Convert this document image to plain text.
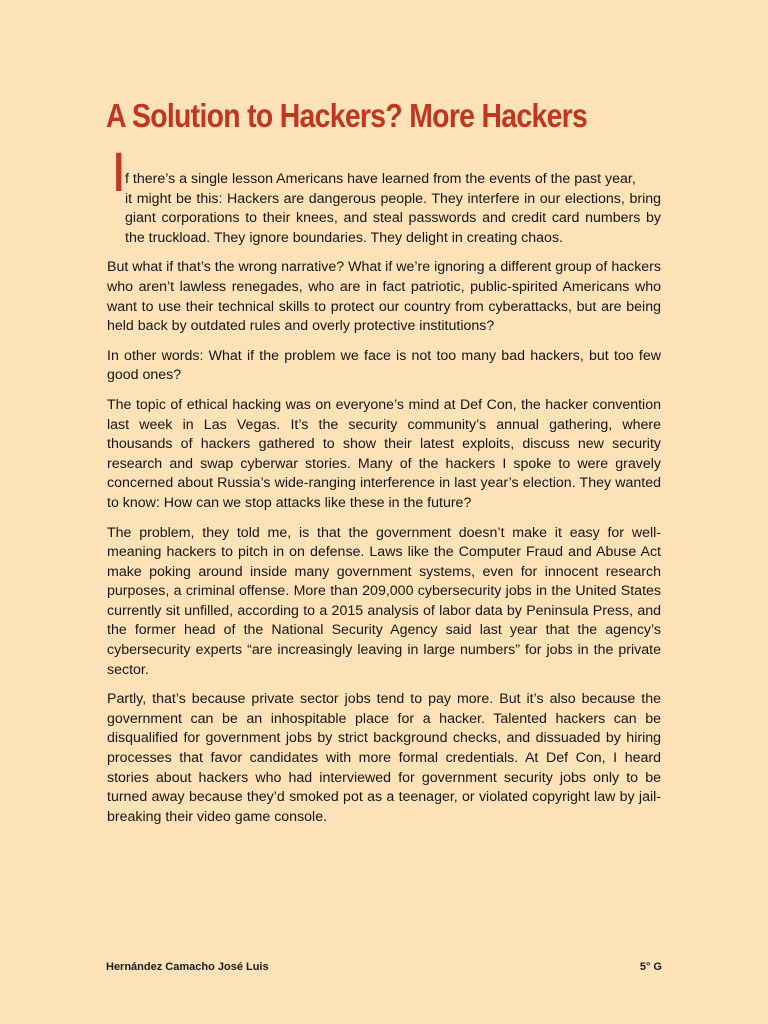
A Solution to Hackers? More Hackers

I
f there’s a single lesson Americans have learned from the events of the past year,
it might be this: Hackers are dangerous people. They interfere in our elections, bring giant corporations to their knees, and steal passwords and credit card numbers by the truckload. They ignore boundaries. They delight in creating chaos.

But what if that’s the wrong narrative? What if we’re ignoring a different group of hackers who aren’t lawless renegades, who are in fact patriotic, public-spirited Americans who want to use their technical skills to protect our country from cyberattacks, but are being held back by outdated rules and overly protective institutions?

In other words: What if the problem we face is not too many bad hackers, but too few good ones?

The topic of ethical hacking was on everyone’s mind at Def Con, the hacker convention last week in Las Vegas. It’s the security community’s annual gathering, where thousands of hackers gathered to show their latest exploits, discuss new security research and swap cyberwar stories. Many of the hackers I spoke to were gravely concerned about Russia’s wide-ranging interference in last year’s election. They wanted to know: How can we stop attacks like these in the future?

The problem, they told me, is that the government doesn’t make it easy for well-meaning hackers to pitch in on defense. Laws like the Computer Fraud and Abuse Act make poking around inside many government systems, even for innocent research purposes, a criminal offense. More than 209,000 cybersecurity jobs in the United States currently sit unfilled, according to a 2015 analysis of labor data by Peninsula Press, and the former head of the National Security Agency said last year that the agency’s cybersecurity experts “are increasingly leaving in large numbers” for jobs in the private sector.

Partly, that’s because private sector jobs tend to pay more. But it’s also because the government can be an inhospitable place for a hacker. Talented hackers can be disqualified for government jobs by strict background checks, and dissuaded by hiring processes that favor candidates with more formal credentials. At Def Con, I heard stories about hackers who had interviewed for government security jobs only to be turned away because they’d smoked pot as a teenager, or violated copyright law by jail-breaking their video game console.

Hernández Camacho José Luis	5° G
